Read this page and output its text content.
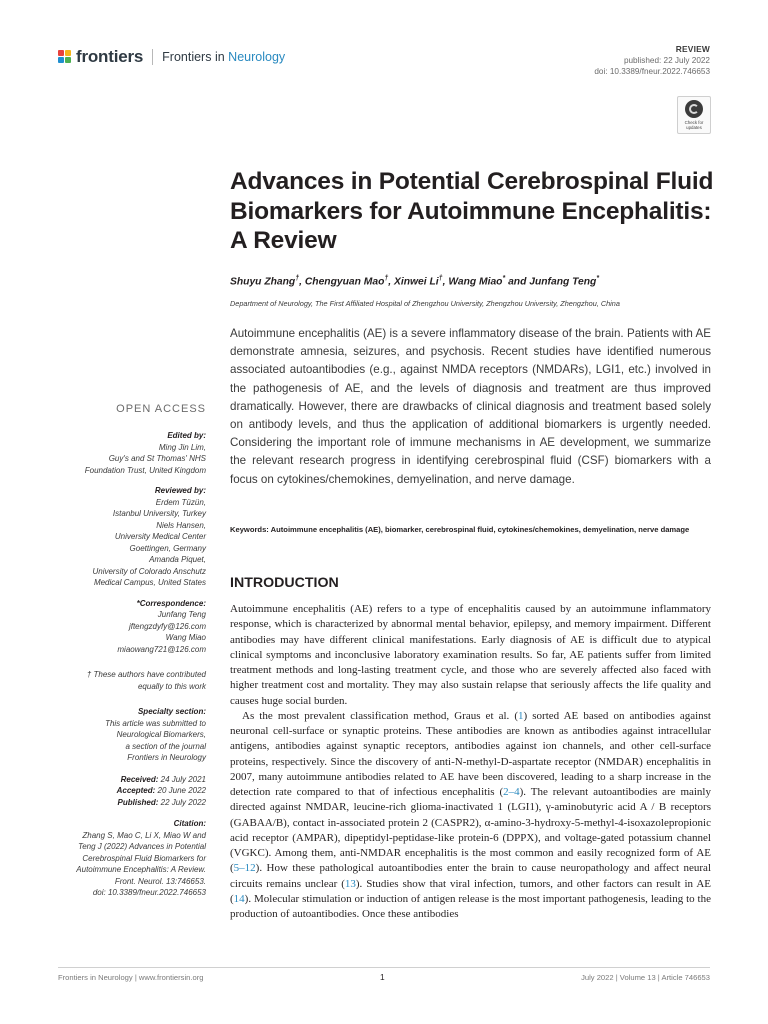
frontiers Frontiers in Neurology
REVIEW
published: 22 July 2022
doi: 10.3389/fneur.2022.746653
Check for
updates
Advances in Potential Cerebrospinal Fluid Biomarkers for Autoimmune Encephalitis: A Review
Shuyu Zhang†, Chengyuan Mao†, Xinwei Li†, Wang Miao* and Junfang Teng*
Department of Neurology, The First Affiliated Hospital of Zhengzhou University, Zhengzhou University, Zhengzhou, China
Autoimmune encephalitis (AE) is a severe inflammatory disease of the brain. Patients with AE demonstrate amnesia, seizures, and psychosis. Recent studies have identified numerous associated autoantibodies (e.g., against NMDA receptors (NMDARs), LGI1, etc.) involved in the pathogenesis of AE, and the levels of diagnosis and treatment are thus improved dramatically. However, there are drawbacks of clinical diagnosis and treatment based solely on antibody levels, and thus the application of additional biomarkers is urgently needed. Considering the important role of immune mechanisms in AE development, we summarize the relevant research progress in identifying cerebrospinal fluid (CSF) biomarkers with a focus on cytokines/chemokines, demyelination, and nerve damage.
Keywords: Autoimmune encephalitis (AE), biomarker, cerebrospinal fluid, cytokines/chemokines, demyelination, nerve damage
INTRODUCTION

Autoimmune encephalitis (AE) refers to a type of encephalitis caused by an autoimmune inflammatory response, which is characterized by abnormal mental behavior, epilepsy, and memory impairment. Different antibodies may have different clinical manifestations. Early diagnosis of AE is difficult due to atypical clinical symptoms and inconclusive laboratory examination results. So far, AE patients suffer from limited treatment methods and long-lasting treatment cycle, and those who are severely affected also faced with higher treatment cost and mortality. They may also sustain relapse that seriously affects the life quality and causes huge social burden.

As the most prevalent classification method, Graus et al. (1) sorted AE based on antibodies against neuronal cell-surface or synaptic proteins. These antibodies are known as antibodies against intracellular antigens, antibodies against synaptic receptors, antibodies against ion channels, and other cell-surface proteins, respectively. Since the discovery of anti-N-methyl-D-aspartate receptor (NMDAR) encephalitis in 2007, many autoimmune antibodies related to AE have been discovered, leading to a sharp increase in the detection rate compared to that of infectious encephalitis (2–4). The relevant autoantibodies are mainly directed against NMDAR, leucine-rich glioma-inactivated 1 (LGI1), γ-aminobutyric acid A / B receptors (GABAA/B), contact in-associated protein 2 (CASPR2), α-amino-3-hydroxy-5-methyl-4-isoxazolepropionic acid receptor (AMPAR), dipeptidyl-peptidase-like protein-6 (DPPX), and voltage-gated potassium channel (VGKC). Among them, anti-NMDAR encephalitis is the most common and easily recognized form of AE (5–12). How these pathological autoantibodies enter the brain to cause neuropathology and affect neural circuits remains unclear (13). Studies show that viral infection, tumors, and other factors can result in AE (14). Molecular stimulation or induction of antigen release is the most important pathogenesis, leading to the production of autoantibodies. Once these antibodies

OPEN ACCESS
Edited by:
Ming Jin Lim,
Guy's and St Thomas' NHS
Foundation Trust, United Kingdom
Reviewed by:
Erdem Tüzün,
Istanbul University, Turkey
Niels Hansen,
University Medical Center
Goettingen, Germany
Amanda Piquet,
University of Colorado Anschutz
Medical Campus, United States
*Correspondence:
Junfang Teng
jftengzdyfy@126.com
Wang Miao
miaowang721@126.com
† These authors have contributed
equally to this work
Specialty section:
This article was submitted to
Neurological Biomarkers,
a section of the journal
Frontiers in Neurology
Received: 24 July 2021
Accepted: 20 June 2022
Published: 22 July 2022
Citation:
Zhang S, Mao C, Li X, Miao W and
Teng J (2022) Advances in Potential
Cerebrospinal Fluid Biomarkers for
Autoimmune Encephalitis: A Review.
Front. Neurol. 13:746653.
doi: 10.3389/fneur.2022.746653
Frontiers in Neurology | www.frontiersin.org	1	July 2022 | Volume 13 | Article 746653
